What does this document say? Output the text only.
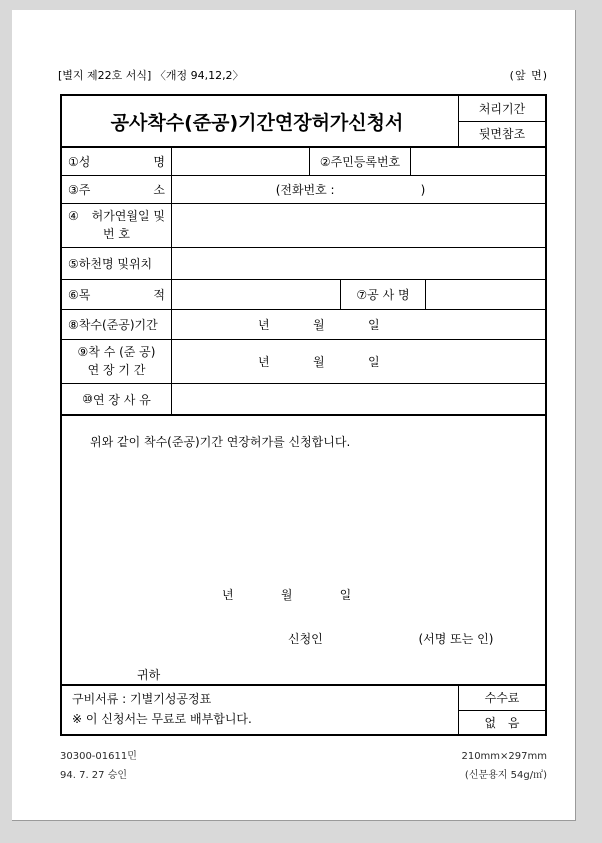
[별지 제22호 서식] 〈개정 94,12,2〉	(앞 면)
공사착수(준공)기간연장허가신청서
처리기간
뒷면참조
① 성	명	②주민등록번호
③ 주	소	(전화번호 :	)
④ 허가연월일 및
번 호
⑤ 하천명 및위치
⑥ 목	적	⑦공 사 명
⑧ 착수(준공)기간	년	월	일
⑨ 착 수 (준 공)
연 장 기 간
년	월	일
⑩ 연 장 사 유
위와 같이 착수(준공)기간 연장허가를 신청합니다.
년	월	일
신청인	(서명 또는 인)
귀하
구비서류 : 기별기성공정표
※ 이 신청서는 무료로 배부합니다.
수수료
없 음
30300-01611민
94. 7. 27 승인
210mm×297mm
(신문용지 54g/㎡)
